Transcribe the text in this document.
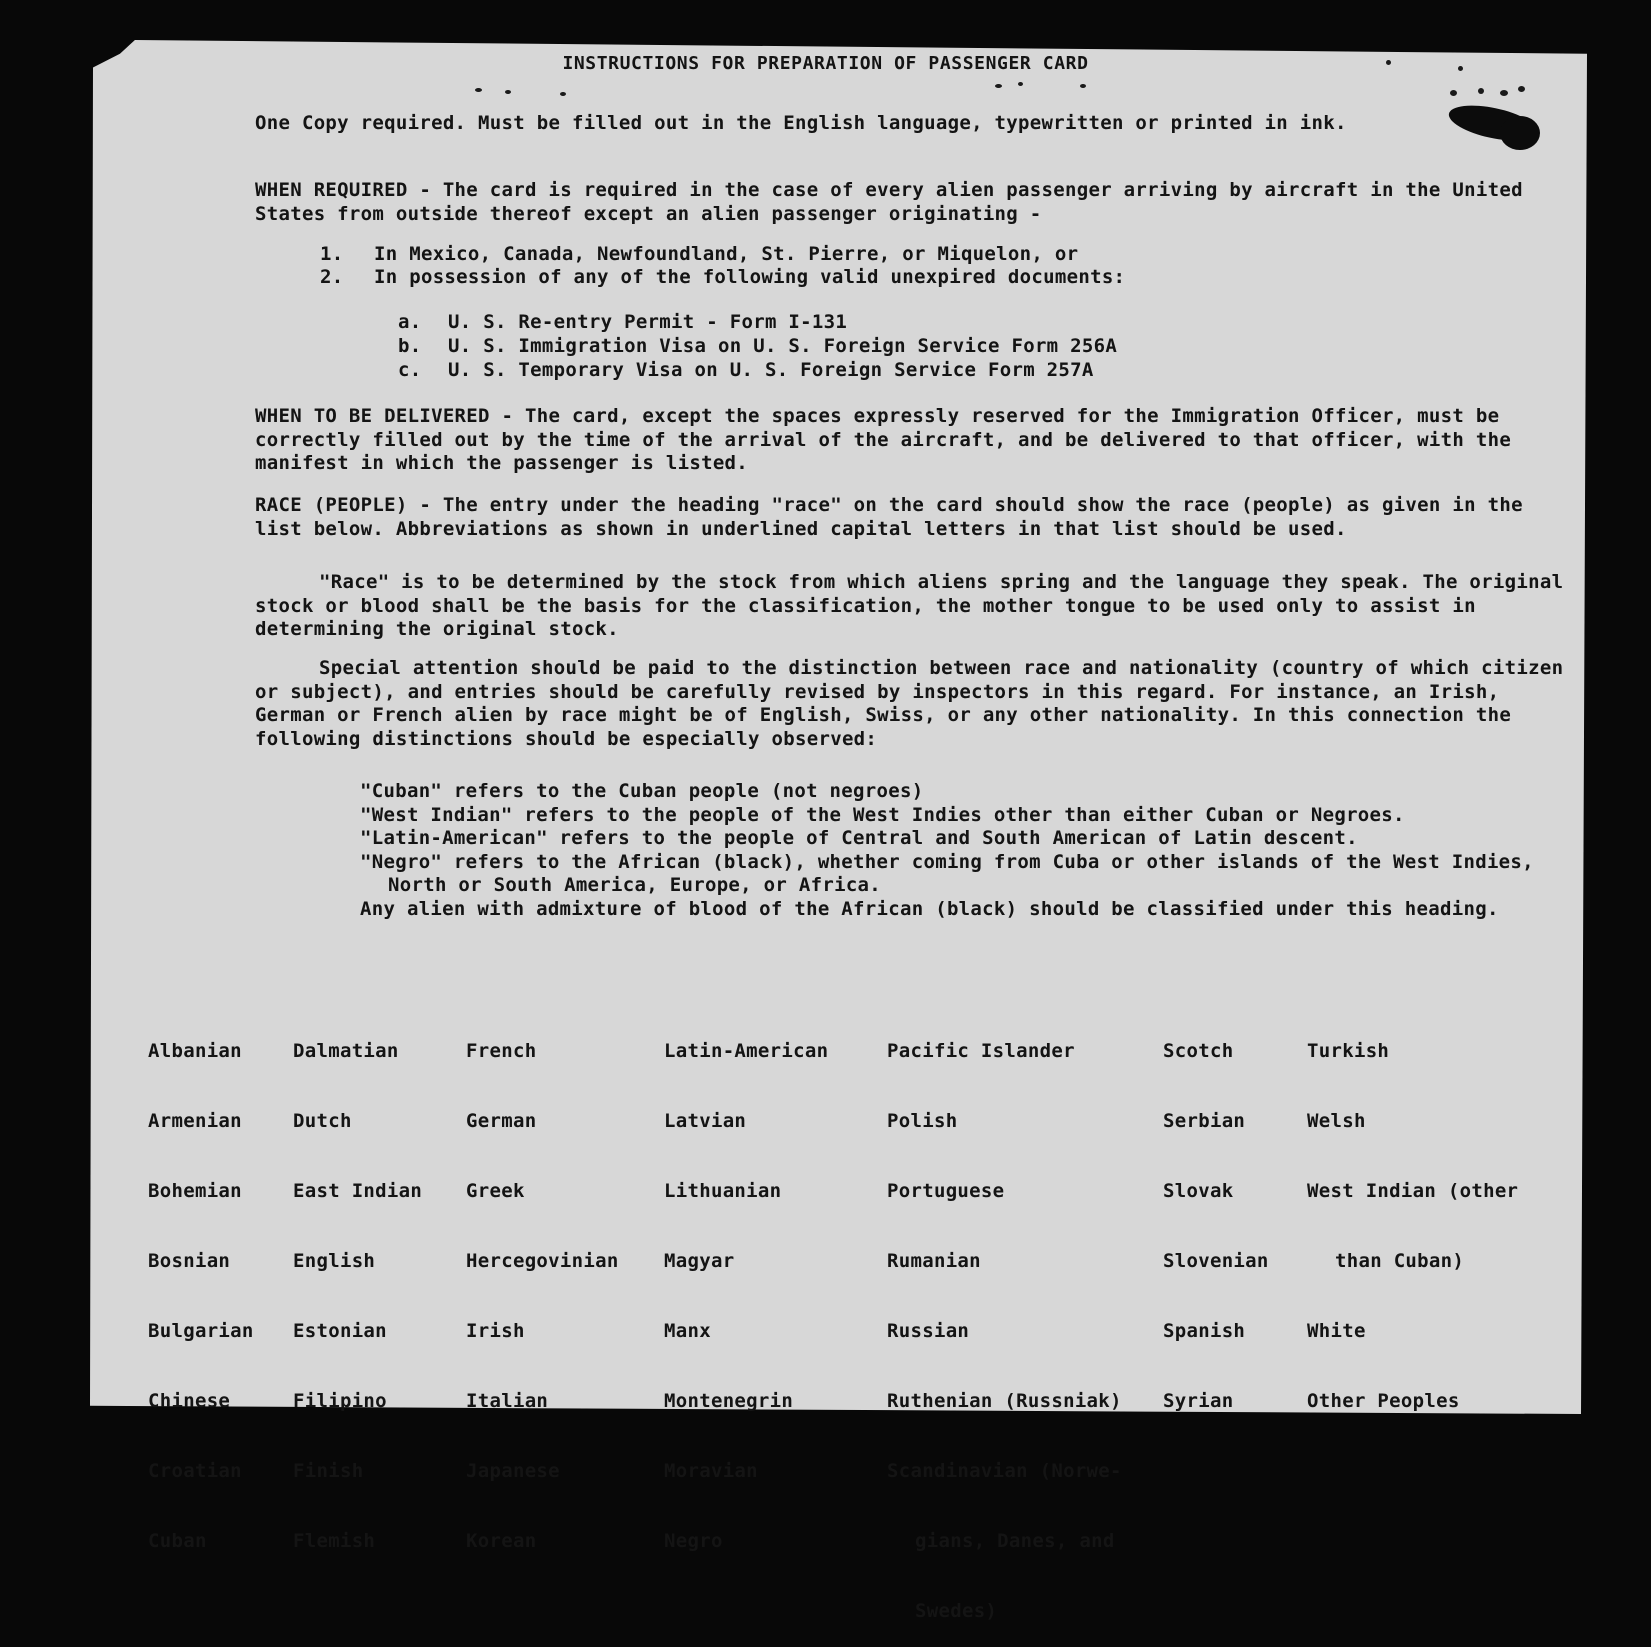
INSTRUCTIONS FOR PREPARATION OF PASSENGER CARD

One Copy required. Must be filled out in the English language, typewritten or printed in ink.

WHEN REQUIRED - The card is required in the case of every alien passenger arriving by aircraft in the United States from outside thereof except an alien passenger originating -

1. In Mexico, Canada, Newfoundland, St. Pierre, or Miquelon, or
2. In possession of any of the following valid unexpired documents:
a. U. S. Re-entry Permit - Form I-131
b. U. S. Immigration Visa on U. S. Foreign Service Form 256A
c. U. S. Temporary Visa on U. S. Foreign Service Form 257A

WHEN TO BE DELIVERED - The card, except the spaces expressly reserved for the Immigration Officer, must be correctly filled out by the time of the arrival of the aircraft, and be delivered to that officer, with the manifest in which the passenger is listed.

RACE (PEOPLE) - The entry under the heading "race" on the card should show the race (people) as given in the list below. Abbreviations as shown in underlined capital letters in that list should be used.

"Race" is to be determined by the stock from which aliens spring and the language they speak. The original stock or blood shall be the basis for the classification, the mother tongue to be used only to assist in determining the original stock.

Special attention should be paid to the distinction between race and nationality (country of which citizen or subject), and entries should be carefully revised by inspectors in this regard. For instance, an Irish, German or French alien by race might be of English, Swiss, or any other nationality. In this connection the following distinctions should be especially observed:

"Cuban" refers to the Cuban people (not negroes)
"West Indian" refers to the people of the West Indies other than either Cuban or Negroes.
"Latin-American" refers to the people of Central and South American of Latin descent.
"Negro" refers to the African (black), whether coming from Cuba or other islands of the West Indies, North or South America, Europe, or Africa.
Any alien with admixture of blood of the African (black) should be classified under this heading.

Albanian

Armenian

Bohemian

Bosnian

Bulgarian

Chinese

Croatian

Cuban

Dalmatian

Dutch

East Indian

English

Estonian

Filipino

Finish

Flemish

French

German

Greek

Hercegovinian

Irish

Italian

Japanese

Korean

Latin-American

Latvian

Lithuanian

Magyar

Manx

Montenegrin

Moravian

Negro

Pacific Islander

Polish

Portuguese

Rumanian

Russian

Ruthenian (Russniak)

Scandinavian (Norwe-

gians, Danes, and

Swedes)

Scotch

Serbian

Slovak

Slovenian

Spanish

Syrian

Turkish

Welsh

West Indian (other

than Cuban)

White

Other Peoples
